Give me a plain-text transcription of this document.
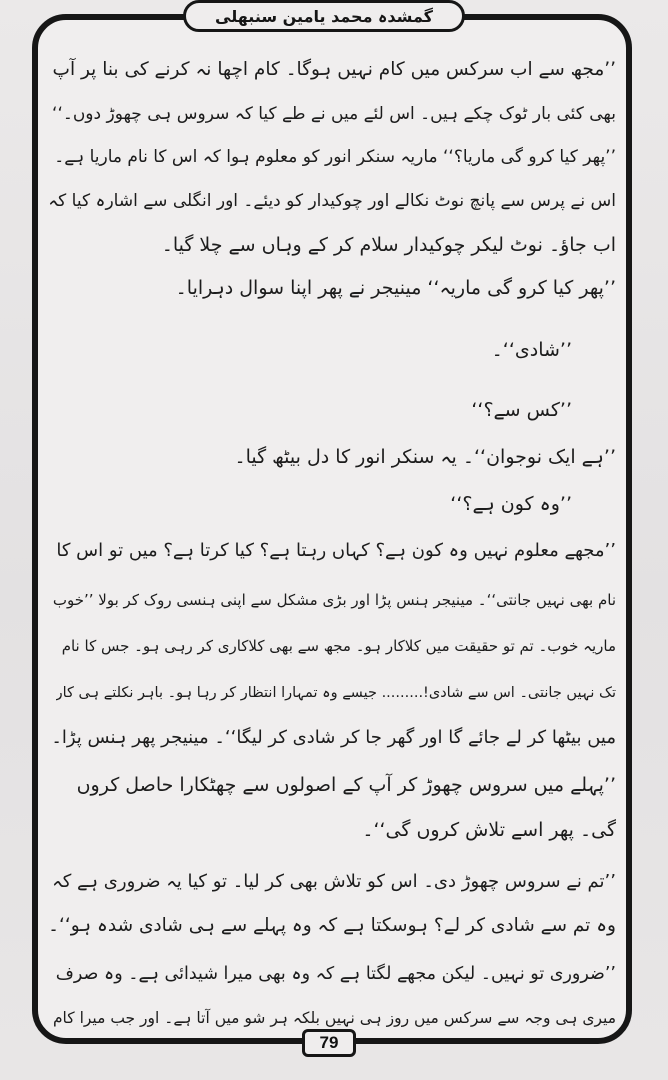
گمشدہ محمد یامین سنبھلی
’’مجھ سے اب سرکس میں کام نہیں ہوگا۔ کام اچھا نہ کرنے کی بنا پر آپ
بھی کئی بار ٹوک چکے ہیں۔ اس لئے میں نے طے کیا کہ سروس ہی چھوڑ دوں۔‘‘
’’پھر کیا کرو گی ماریا؟‘‘ ماریہ سنکر انور کو معلوم ہوا کہ اس کا نام ماریا ہے۔
اس نے پرس سے پانچ نوٹ نکالے اور چوکیدار کو دیئے۔ اور انگلی سے اشارہ کیا کہ
اب جاؤ۔ نوٹ لیکر چوکیدار سلام کر کے وہاں سے چلا گیا۔
’’پھر کیا کرو گی ماریہ‘‘ مینیجر نے پھر اپنا سوال دہرایا۔
’’شادی‘‘۔
’’کس سے؟‘‘
’’ہے ایک نوجوان‘‘۔ یہ سنکر انور کا دل بیٹھ گیا۔
’’وہ کون ہے؟‘‘
’’مجھے معلوم نہیں وہ کون ہے؟ کہاں رہتا ہے؟ کیا کرتا ہے؟ میں تو اس کا
نام بھی نہیں جانتی‘‘۔ مینیجر ہنس پڑا اور بڑی مشکل سے اپنی ہنسی روک کر بولا ’’خوب
ماریہ خوب۔ تم تو حقیقت میں کلاکار ہو۔ مجھ سے بھی کلاکاری کر رہی ہو۔ جس کا نام
تک نہیں جانتی۔ اس سے شادی!......... جیسے وہ تمہارا انتظار کر رہا ہو۔ باہر نکلتے ہی کار
میں بیٹھا کر لے جائے گا اور گھر جا کر شادی کر لیگا‘‘۔ مینیجر پھر ہنس پڑا۔
’’پہلے میں سروس چھوڑ کر آپ کے اصولوں سے چھٹکارا حاصل کروں
گی۔ پھر اسے تلاش کروں گی‘‘۔
’’تم نے سروس چھوڑ دی۔ اس کو تلاش بھی کر لیا۔ تو کیا یہ ضروری ہے کہ
وہ تم سے شادی کر لے؟ ہوسکتا ہے کہ وہ پہلے سے ہی شادی شدہ ہو‘‘۔
’’ضروری تو نہیں۔ لیکن مجھے لگتا ہے کہ وہ بھی میرا شیدائی ہے۔ وہ صرف
میری ہی وجہ سے سرکس میں روز ہی نہیں بلکہ ہر شو میں آتا ہے۔ اور جب میرا کام
79
